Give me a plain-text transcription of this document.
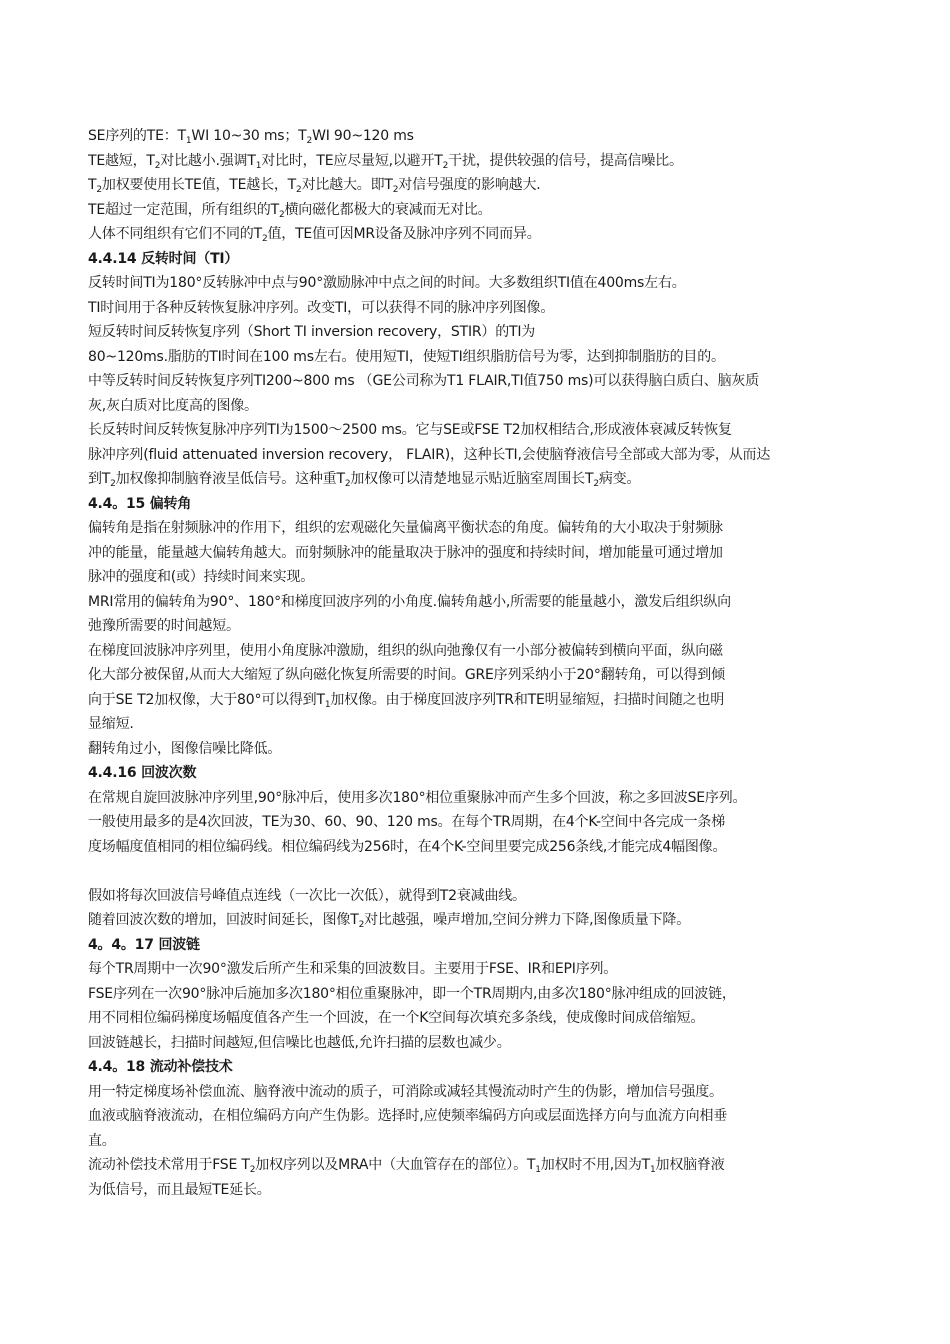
SE序列的TE：$T_1WI$ 10~30 ms；$T_2WI$ 90~120 ms
TE越短，$T_2$对比越小.强调$T_1$对比时，TE应尽量短,以避开$T_2$干扰，提供较强的信号，提高信噪比。
$T_2$加权要使用长TE值，TE越长，$T_2$对比越大。即$T_2$对信号强度的影响越大.
TE超过一定范围，所有组织的$T_2$横向磁化都极大的衰减而无对比。
人体不同组织有它们不同的$T_2$值，TE值可因MR设备及脉冲序列不同而异。
4.4.14 反转时间（TI）
反转时间TI为180°反转脉冲中点与90°激励脉冲中点之间的时间。大多数组织TI值在400ms左右。
TI时间用于各种反转恢复脉冲序列。改变TI，可以获得不同的脉冲序列图像。
短反转时间反转恢复序列（Short TI inversion recovery，STIR）的TI为
80~120ms.脂肪的TI时间在100 ms左右。使用短TI，使短TI组织脂肪信号为零，达到抑制脂肪的目的。
中等反转时间反转恢复序列TI200~800 ms （GE公司称为T1 FLAIR,TI值750 ms)可以获得脑白质白、脑灰质
灰,灰白质对比度高的图像。
长反转时间反转恢复脉冲序列TI为1500～2500 ms。它与SE或FSE T2加权相结合,形成液体衰减反转恢复
脉冲序列(fluid attenuated inversion recovery， FLAIR)，这种长TI,会使脑脊液信号全部或大部为零，从而达
到$T_2$加权像抑制脑脊液呈低信号。这种重$T_2$加权像可以清楚地显示贴近脑室周围长$T_2$病变。
4.4。15 偏转角
偏转角是指在射频脉冲的作用下，组织的宏观磁化矢量偏离平衡状态的角度。偏转角的大小取决于射频脉
冲的能量，能量越大偏转角越大。而射频脉冲的能量取决于脉冲的强度和持续时间，增加能量可通过增加
脉冲的强度和(或）持续时间来实现。
MRI常用的偏转角为90°、180°和梯度回波序列的小角度.偏转角越小,所需要的能量越小，激发后组织纵向
弛豫所需要的时间越短。
在梯度回波脉冲序列里，使用小角度脉冲激励，组织的纵向弛豫仅有一小部分被偏转到横向平面，纵向磁
化大部分被保留,从而大大缩短了纵向磁化恢复所需要的时间。GRE序列采纳小于20°翻转角，可以得到倾
向于SE T2加权像，大于80°可以得到$T_1$加权像。由于梯度回波序列TR和TE明显缩短，扫描时间随之也明
显缩短.
翻转角过小，图像信噪比降低。
4.4.16 回波次数
在常规自旋回波脉冲序列里,90°脉冲后，使用多次180°相位重聚脉冲而产生多个回波，称之多回波SE序列。
一般使用最多的是4次回波，TE为30、60、90、120 ms。在每个TR周期，在4个K-空间中各完成一条梯
度场幅度值相同的相位编码线。相位编码线为256时，在4个K-空间里要完成256条线,才能完成4幅图像。
假如将每次回波信号峰值点连线（一次比一次低），就得到T2衰减曲线。
随着回波次数的增加，回波时间延长，图像$T_2$对比越强，噪声增加,空间分辨力下降,图像质量下降。
4。4。17 回波链
每个TR周期中一次90°激发后所产生和采集的回波数目。主要用于FSE、IR和EPI序列。
FSE序列在一次90°脉冲后施加多次180°相位重聚脉冲，即一个TR周期内,由多次180°脉冲组成的回波链，
用不同相位编码梯度场幅度值各产生一个回波，在一个K空间每次填充多条线，使成像时间成倍缩短。
回波链越长，扫描时间越短,但信噪比也越低,允许扫描的层数也减少。
4.4。18 流动补偿技术
用一特定梯度场补偿血流、脑脊液中流动的质子，可消除或减轻其慢流动时产生的伪影，增加信号强度。
血液或脑脊液流动，在相位编码方向产生伪影。选择时,应使频率编码方向或层面选择方向与血流方向相垂
直。
流动补偿技术常用于FSE $T_2$加权序列以及MRA中（大血管存在的部位）。$T_1$加权时不用,因为$T_1$加权脑脊液
为低信号，而且最短TE延长。
